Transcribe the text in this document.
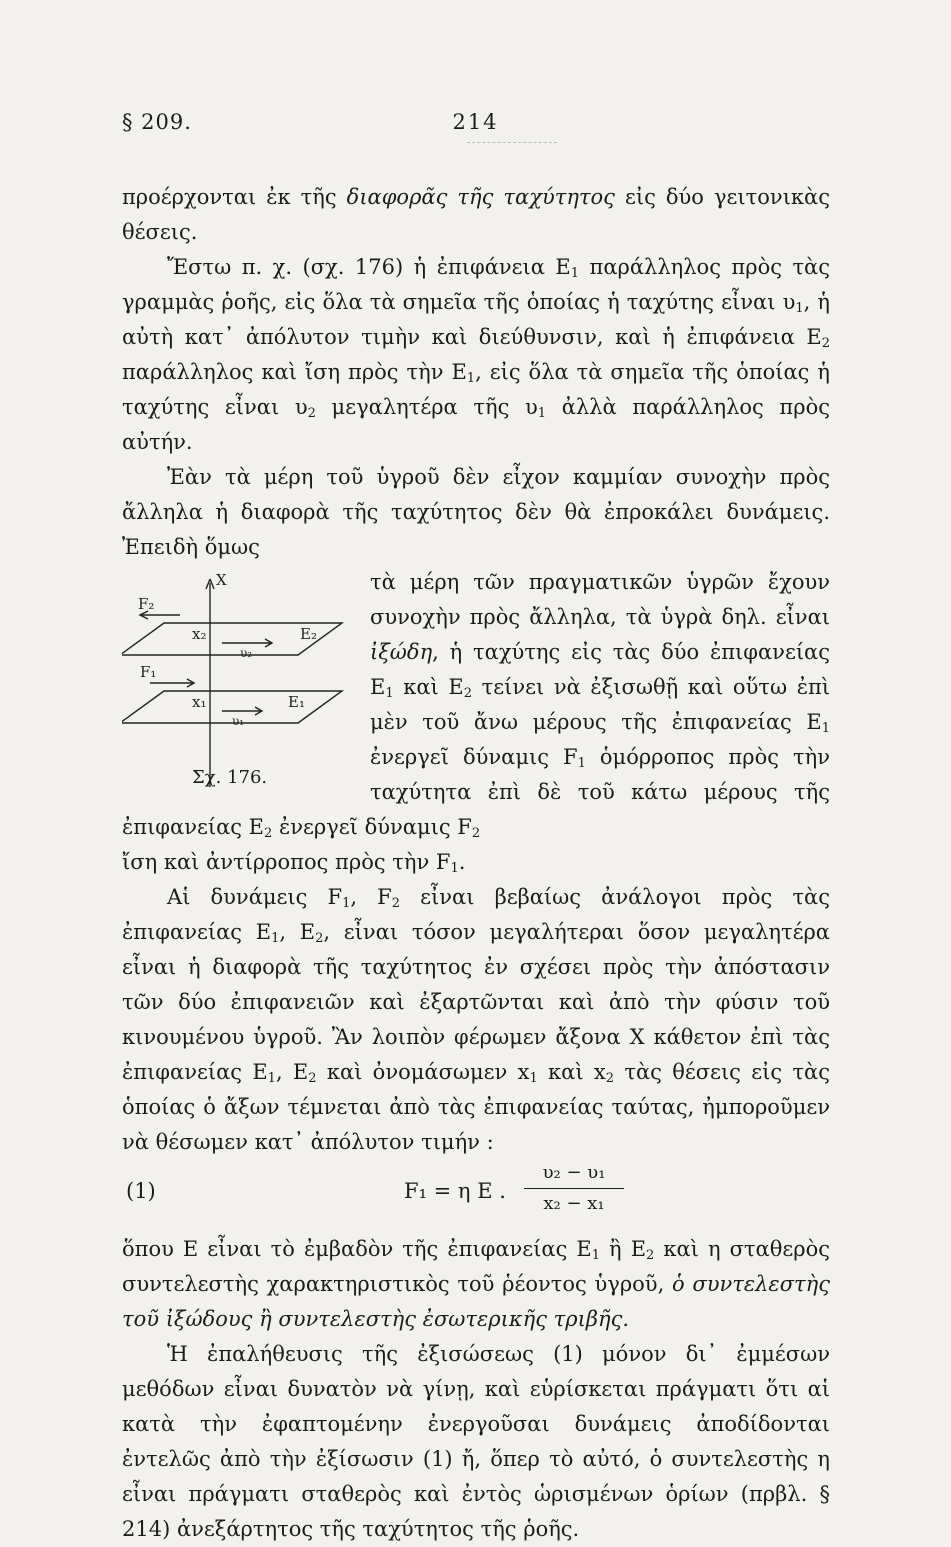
§ 209.	214

προέρχονται ἐκ τῆς διαφορᾶς τῆς ταχύτητος εἰς δύο γειτονικὰς θέσεις.

Ἔστω π. χ. (σχ. 176) ἡ ἐπιφάνεια $E_1$ παράλληλος πρὸς τὰς γραμμὰς ῥοῆς, εἰς ὅλα τὰ σημεῖα τῆς ὁποίας ἡ ταχύτης εἶναι $\upsilon_1$, ἡ αὐτὴ κατ᾽ ἀπόλυτον τιμὴν καὶ διεύθυνσιν, καὶ ἡ ἐπιφάνεια $E_2$ παράλληλος καὶ ἴση πρὸς τὴν $E_1$, εἰς ὅλα τὰ σημεῖα τῆς ὁποίας ἡ ταχύτης εἶναι $\upsilon_2$ μεγαλητέρα τῆς $\upsilon_1$ ἀλλὰ παράλληλος πρὸς αὐτήν.

Ἐὰν τὰ μέρη τοῦ ὑγροῦ δὲν εἶχον καμμίαν συνοχὴν πρὸς ἄλληλα ἡ διαφορὰ τῆς ταχύτητος δὲν θὰ ἐπροκάλει δυνάμεις. Ἐπειδὴ ὅμως

X
F₂
x₂
υ₂
E₂
F₁
x₁
υ₁
E₁
Σχ. 176.

τὰ μέρη τῶν πραγματικῶν ὑγρῶν ἔχουν συνοχὴν πρὸς ἄλληλα, τὰ ὑγρὰ δηλ. εἶναι ἰξώδη, ἡ ταχύτης εἰς τὰς δύο ἐπιφανείας $E_1$ καὶ $E_2$ τείνει νὰ ἐξισωθῇ καὶ οὕτω ἐπὶ μὲν τοῦ ἄνω μέρους τῆς ἐπιφανείας $E_1$ ἐνεργεῖ δύναμις $F_1$ ὁμόρροπος πρὸς τὴν ταχύτητα ἐπὶ δὲ τοῦ κάτω μέρους τῆς ἐπιφανείας $E_2$ ἐνεργεῖ δύναμις $F_2$

ἴση καὶ ἀντίρροπος πρὸς τὴν $F_1$.

Αἱ δυνάμεις $F_1$, $F_2$ εἶναι βεβαίως ἀνάλογοι πρὸς τὰς ἐπιφανείας $E_1$, $E_2$, εἶναι τόσον μεγαλήτεραι ὅσον μεγαλητέρα εἶναι ἡ διαφορὰ τῆς ταχύτητος ἐν σχέσει πρὸς τὴν ἀπόστασιν τῶν δύο ἐπιφανειῶν καὶ ἐξαρτῶνται καὶ ἀπὸ τὴν φύσιν τοῦ κινουμένου ὑγροῦ. Ἂν λοιπὸν φέρωμεν ἄξονα X κάθετον ἐπὶ τὰς ἐπιφανείας $E_1$, $E_2$ καὶ ὀνομάσωμεν $x_1$ καὶ $x_2$ τὰς θέσεις εἰς τὰς ὁποίας ὁ ἄξων τέμνεται ἀπὸ τὰς ἐπιφανείας ταύτας, ἠμποροῦμεν νὰ θέσωμεν κατ᾽ ἀπόλυτον τιμήν :

(1)	F₁ = η E .
υ₂ − υ₁
x₂ − x₁

ὅπου E εἶναι τὸ ἐμβαδὸν τῆς ἐπιφανείας $E_1$ ἢ $E_2$ καὶ η σταθερὸς συντελεστὴς χαρακτηριστικὸς τοῦ ῥέοντος ὑγροῦ, ὁ συντελεστὴς τοῦ ἰξώδους ἢ συντελεστὴς ἐσωτερικῆς τριβῆς.

Ἡ ἐπαλήθευσις τῆς ἐξισώσεως (1) μόνον δι᾽ ἐμμέσων μεθόδων εἶναι δυνατὸν νὰ γίνῃ, καὶ εὑρίσκεται πράγματι ὅτι αἱ κατὰ τὴν ἐφαπτομένην ἐνεργοῦσαι δυνάμεις ἀποδίδονται ἐντελῶς ἀπὸ τὴν ἐξίσωσιν (1) ἤ, ὅπερ τὸ αὐτό, ὁ συντελεστὴς η εἶναι πράγματι σταθερὸς καὶ ἐντὸς ὡρισμένων ὁρίων (πρβλ. § 214) ἀνεξάρτητος τῆς ταχύτητος τῆς ῥοῆς.
